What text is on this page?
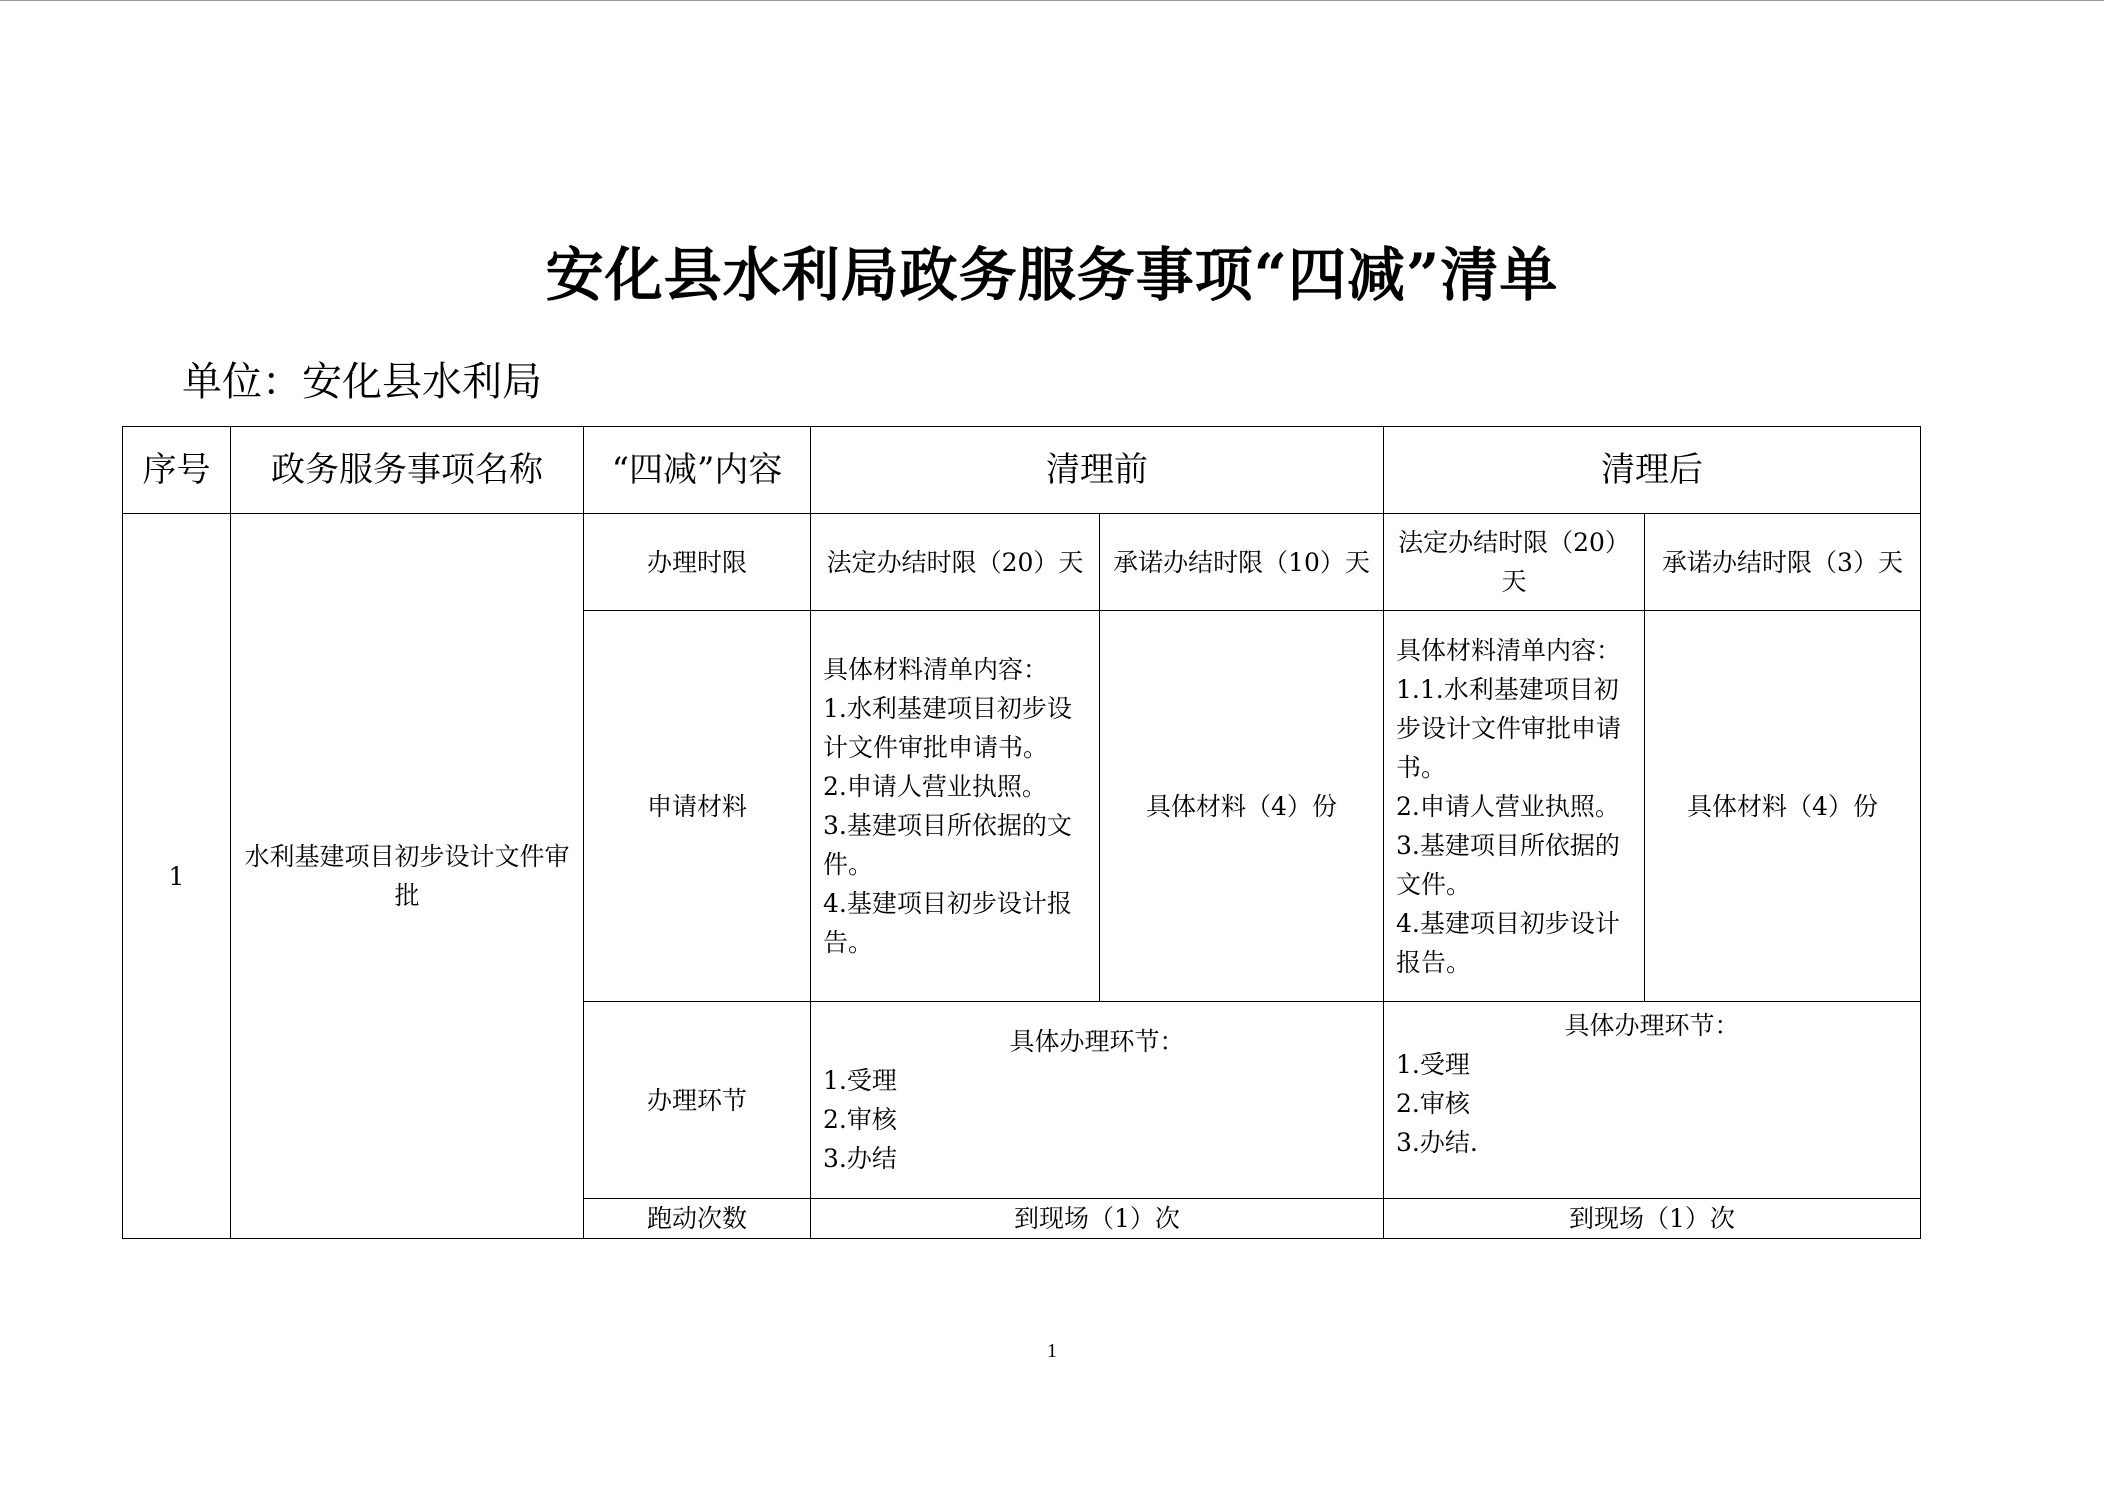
安化县水利局政务服务事项“四减”清单
单位：安化县水利局
序号	政务服务事项名称	“四减”内容	清理前		清理后	
1	水利基建项目初步设计文件审批	办理时限	法定办结时限（20）天	承诺办结时限（10）天	法定办结时限（20）天	承诺办结时限（3）天
		申请材料	具体材料清单内容：
1.水利基建项目初步设计文件审批申请书。
2.申请人营业执照。
3.基建项目所依据的文件。
4.基建项目初步设计报告。	具体材料（4）份	具体材料清单内容：
1.1.水利基建项目初步设计文件审批申请书。
2.申请人营业执照。
3.基建项目所依据的文件。
4.基建项目初步设计报告。	具体材料（4）份
		办理环节	具体办理环节：
1.受理
2.审核
3.办结		具体办理环节：
1.受理
2.审核
3.办结.	

		跑动次数	到现场（1）次		到现场（1）次	
1
